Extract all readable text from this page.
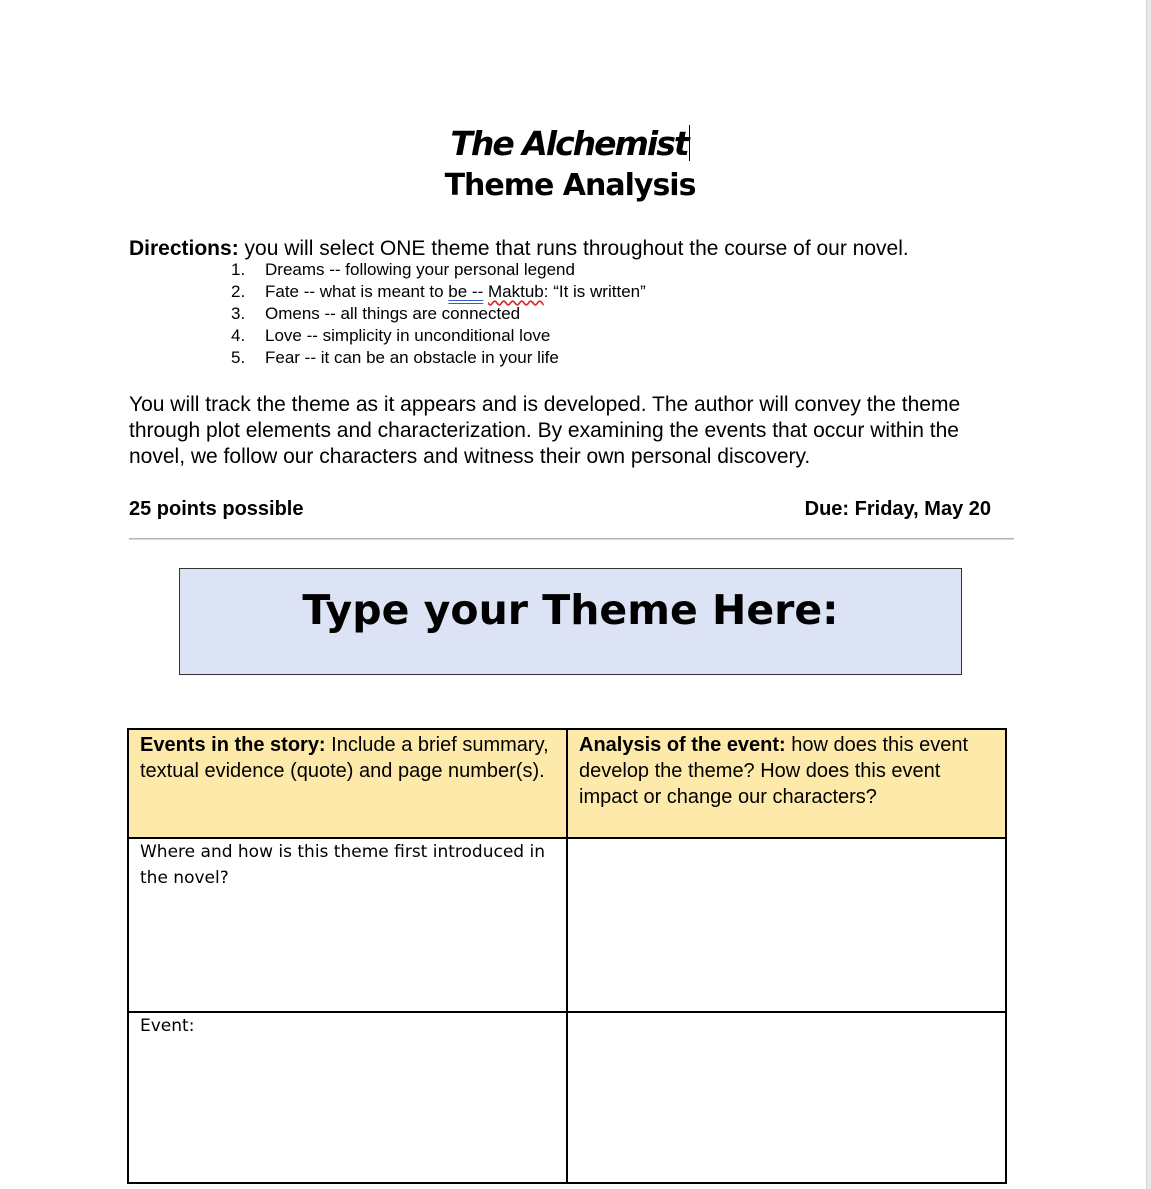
The Alchemist
Theme Analysis
Directions: you will select ONE theme that runs throughout the course of our novel.
1.	Dreams -- following your personal legend
2.	Fate -- what is meant to be -- Maktub: “It is written”
3.	Omens -- all things are connected
4.	Love -- simplicity in unconditional love
5.	Fear -- it can be an obstacle in your life
You will track the theme as it appears and is developed. The author will convey the theme through plot elements and characterization. By examining the events that occur within the novel, we follow our characters and witness their own personal discovery.
25 points possible	Due: Friday, May 20
Type your Theme Here:
Events in the story: Include a brief summary, textual evidence (quote) and page number(s).	Analysis of the event: how does this event develop the theme? How does this event impact or change our characters?
Where and how is this theme first introduced in the novel?	
Event:	
